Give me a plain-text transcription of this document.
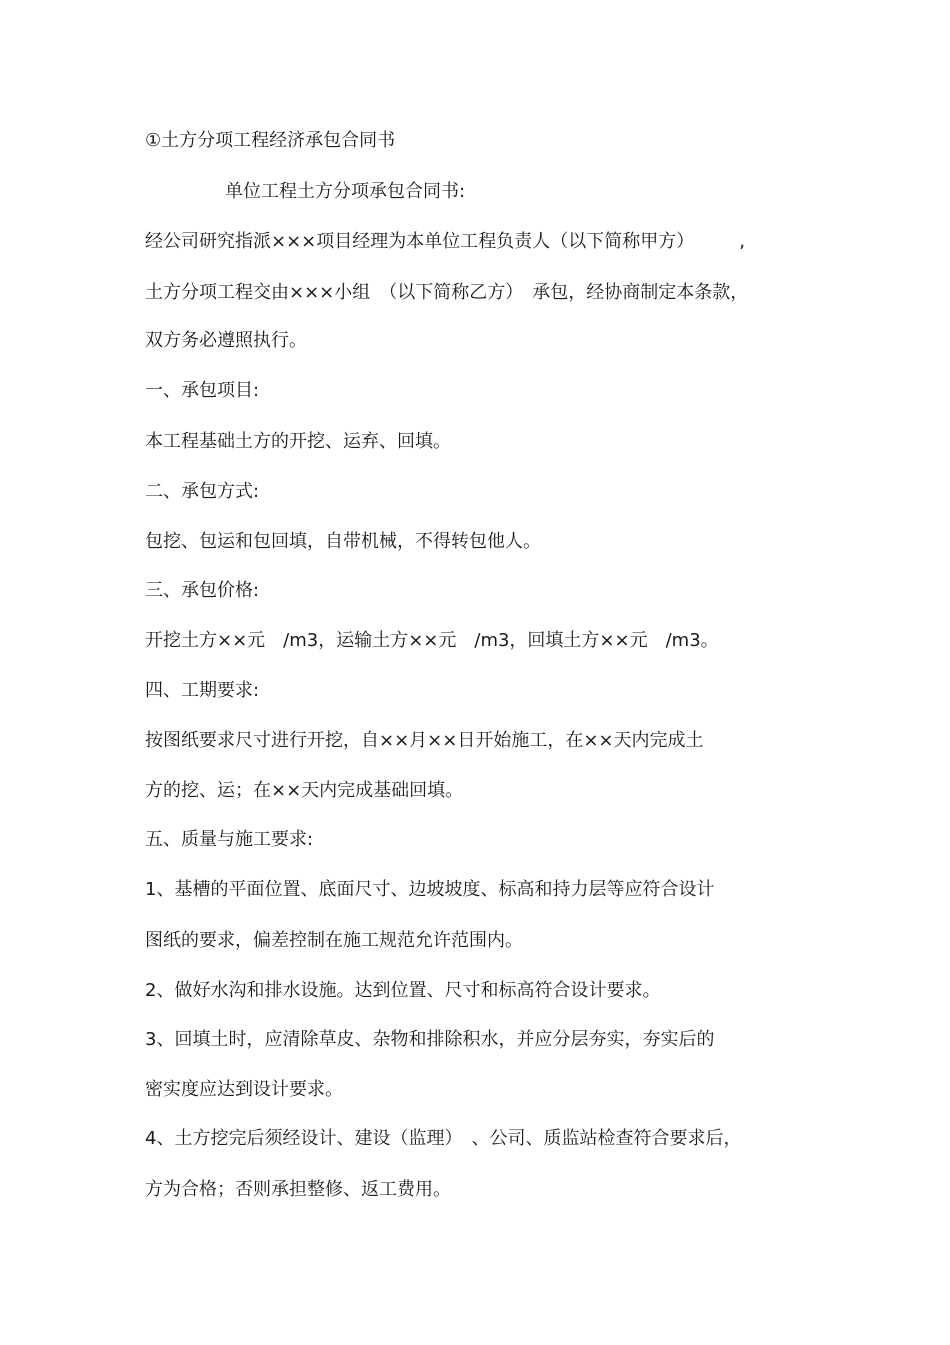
①土方分项工程经济承包合同书
单位工程土方分项承包合同书:
经公司研究指派×××项目经理为本单位工程负责人（以下简称甲方）　　　,
土方分项工程交由×××小组　（以下简称乙方）　承包，经协商制定本条款，
双方务必遵照执行。
一、承包项目:
本工程基础土方的开挖、运弃、回填。
二、承包方式:
包挖、包运和包回填，自带机械，不得转包他人。
三、承包价格:
开挖土方××元　/m3，运输土方××元　/m3，回填土方××元　/m3。
四、工期要求:
按图纸要求尺寸进行开挖，自××月××日开始施工，在××天内完成土
方的挖、运；在××天内完成基础回填。
五、质量与施工要求:
1、基槽的平面位置、底面尺寸、边坡坡度、标高和持力层等应符合设计
图纸的要求，偏差控制在施工规范允许范围内。
2、做好水沟和排水设施。达到位置、尺寸和标高符合设计要求。
3、回填土时，应清除草皮、杂物和排除积水，并应分层夯实，夯实后的
密实度应达到设计要求。
4、土方挖完后须经设计、建设（监理）　、公司、质监站检查符合要求后，
方为合格；否则承担整修、返工费用。
